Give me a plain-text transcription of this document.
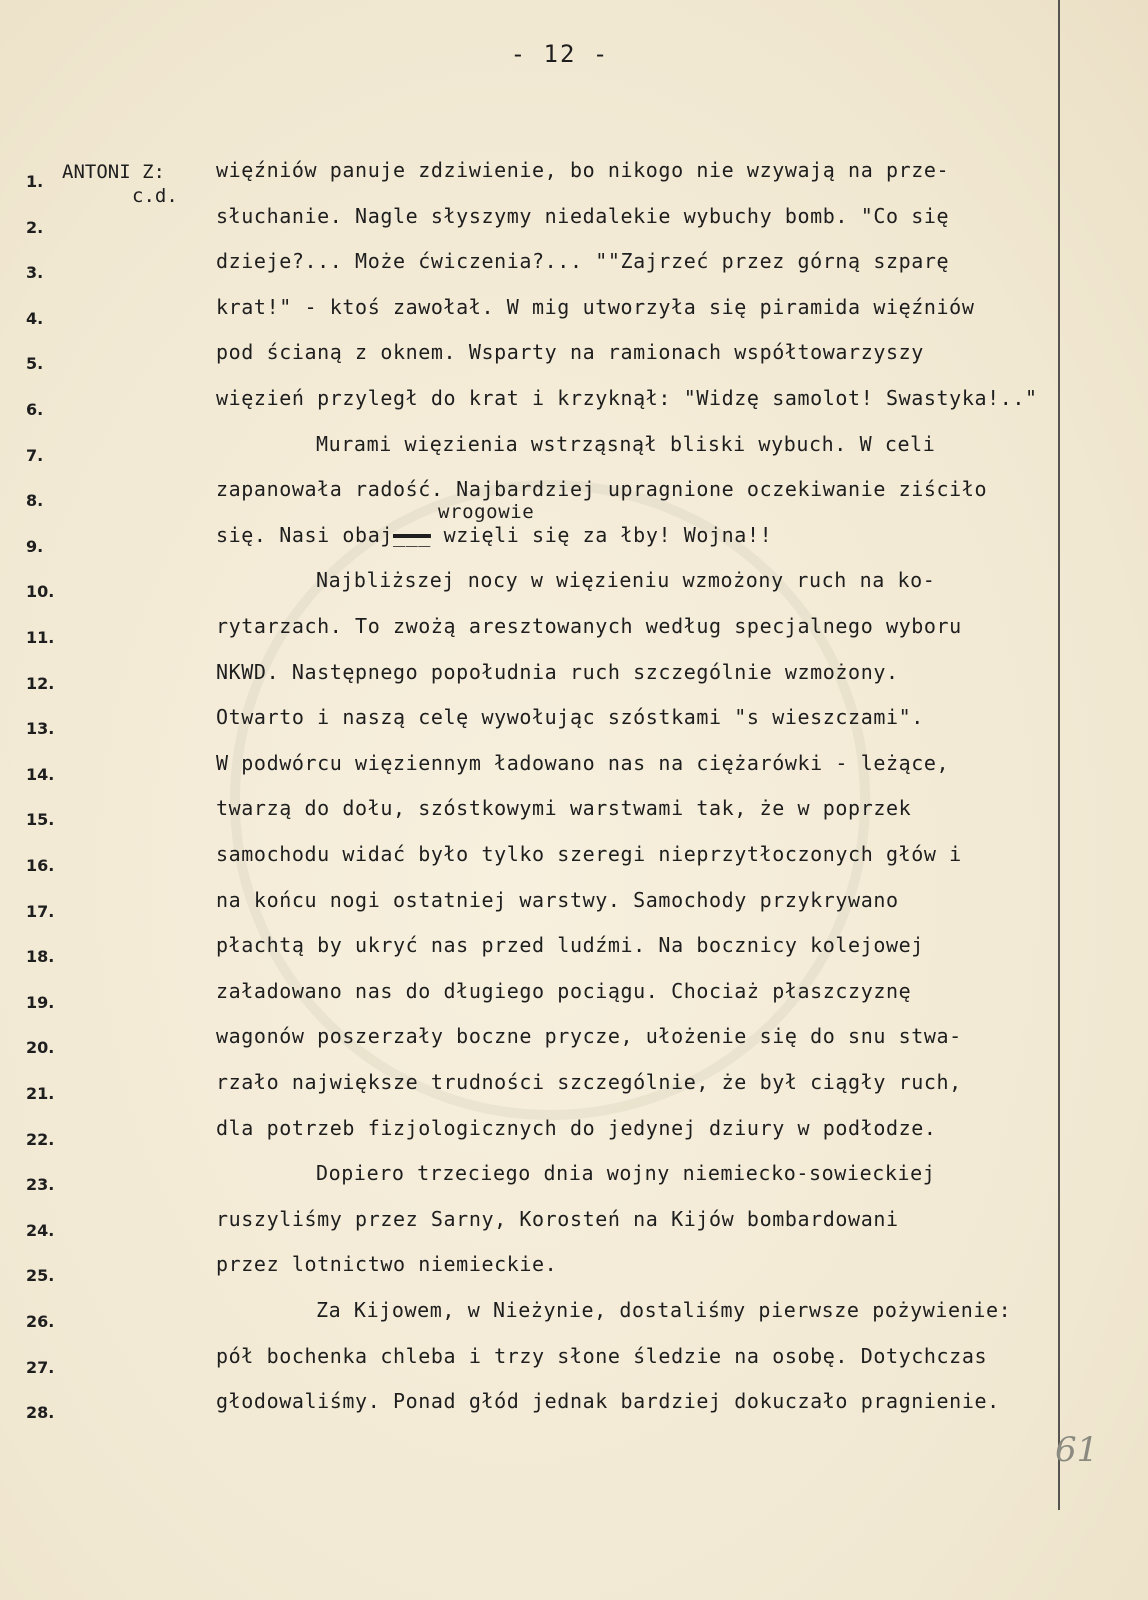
- 12 -
1.
2.
3.
4.
5.
6.
7.
8.
9.
10.
11.
12.
13.
14.
15.
16.
17.
18.
19.
20.
21.
22.
23.
24.
25.
26.
27.
28.
ANTONI Z:
c.d.
więźniów panuje zdziwienie, bo nikogo nie wzywają na prze-
słuchanie. Nagle słyszymy niedalekie wybuchy bomb. "Co się
dzieje?... Może ćwiczenia?... ""Zajrzeć przez górną szparę
krat!" - ktoś zawołał. W mig utworzyła się piramida więźniów
pod ścianą z oknem. Wsparty na ramionach współtowarzyszy
więzień przyległ do krat i krzyknął: "Widzę samolot! Swastyka!.."
Murami więzienia wstrząsnął bliski wybuch. W celi
zapanowała radość. Najbardziej upragnione oczekiwanie ziściło
się. Nasi obaj___ wzięli się za łby! Wojna!!
wrogowie
Najbliższej nocy w więzieniu wzmożony ruch na ko-
rytarzach. To zwożą aresztowanych według specjalnego wyboru
NKWD. Następnego popołudnia ruch szczególnie wzmożony.
Otwarto i naszą celę wywołując szóstkami "s wieszczami".
W podwórcu więziennym ładowano nas na ciężarówki - leżące,
twarzą do dołu, szóstkowymi warstwami tak, że w poprzek
samochodu widać było tylko szeregi nieprzytłoczonych głów i
na końcu nogi ostatniej warstwy. Samochody przykrywano
płachtą by ukryć nas przed ludźmi. Na bocznicy kolejowej
załadowano nas do długiego pociągu. Chociaż płaszczyznę
wagonów poszerzały boczne prycze, ułożenie się do snu stwa-
rzało największe trudności szczególnie, że był ciągły ruch,
dla potrzeb fizjologicznych do jedynej dziury w podłodze.
Dopiero trzeciego dnia wojny niemiecko-sowieckiej
ruszyliśmy przez Sarny, Korosteń na Kijów bombardowani
przez lotnictwo niemieckie.
Za Kijowem, w Nieżynie, dostaliśmy pierwsze pożywienie:
pół bochenka chleba i trzy słone śledzie na osobę. Dotychczas
głodowaliśmy. Ponad głód jednak bardziej dokuczało pragnienie.
61
